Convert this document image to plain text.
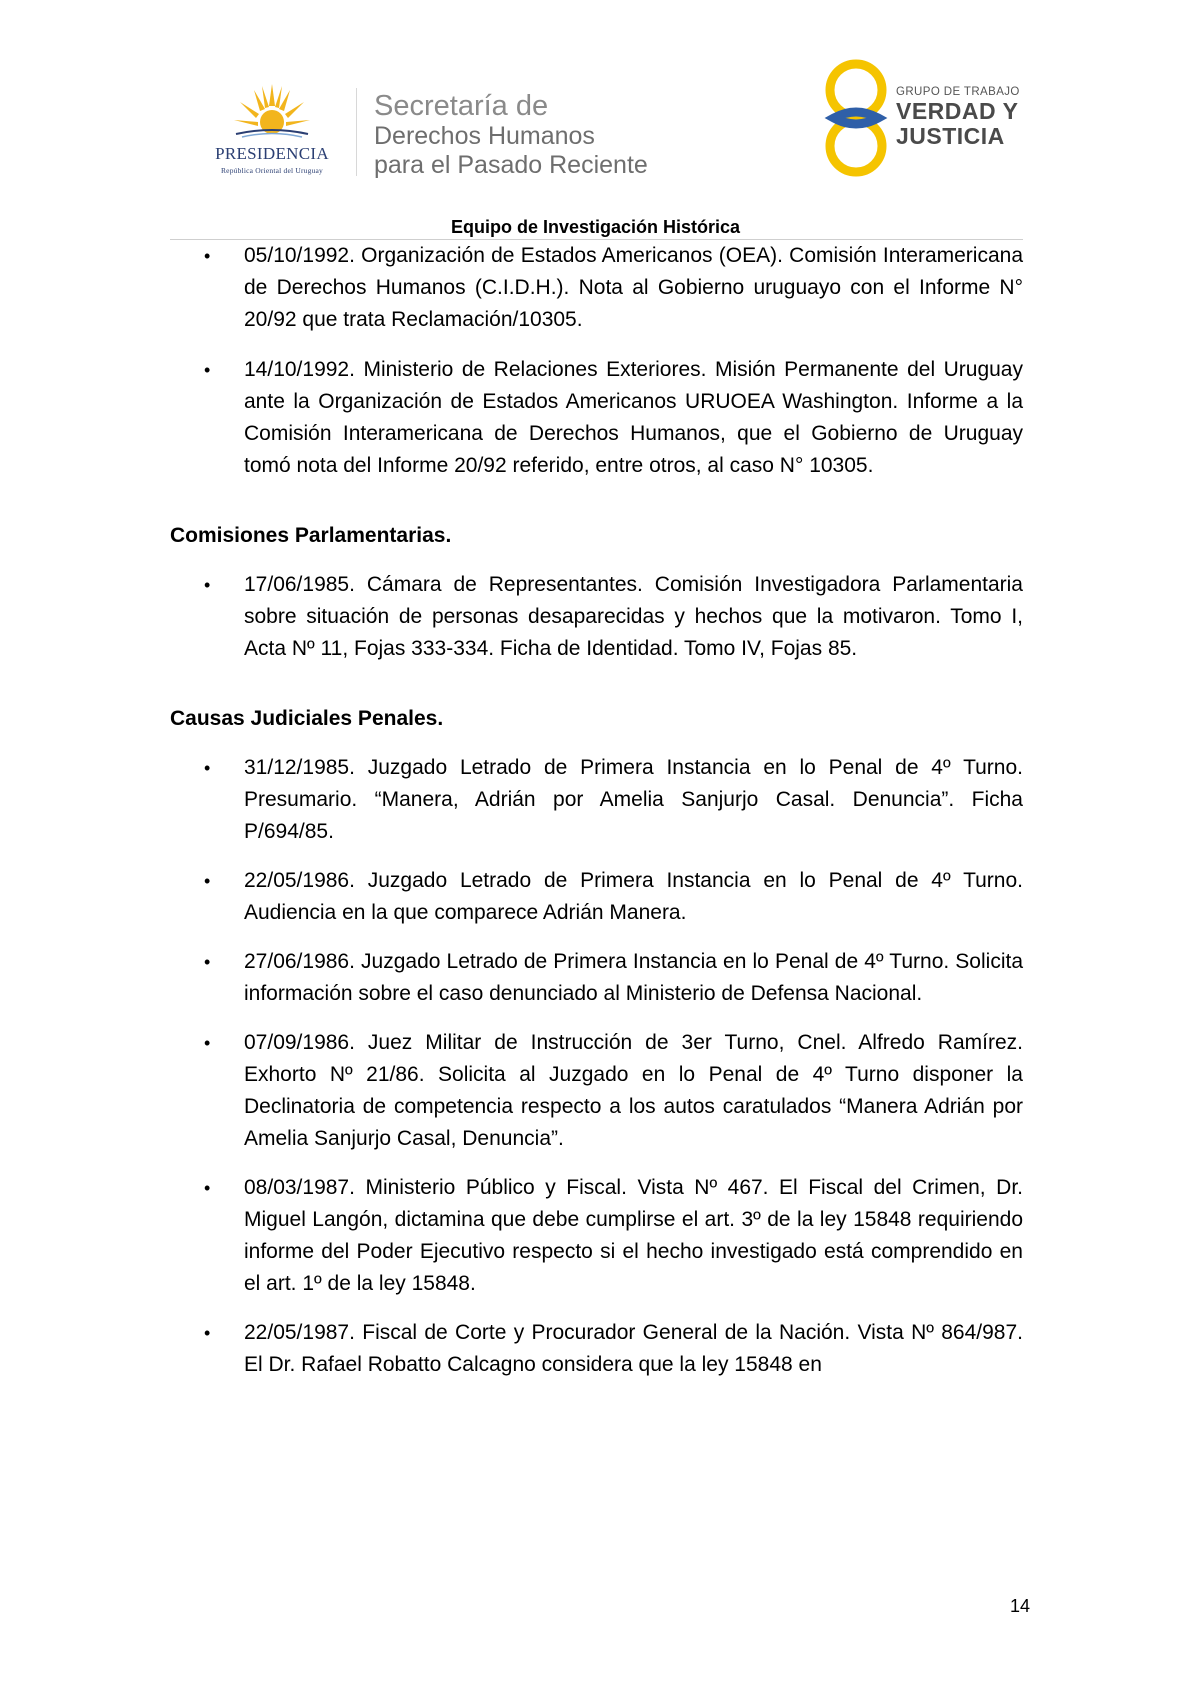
PRESIDENCIA
República Oriental del Uruguay
Secretaría de
Derechos Humanos
para el Pasado Reciente
GRUPO DE TRABAJO
VERDAD Y
JUSTICIA
Equipo de Investigación Histórica
• 05/10/1992. Organización de Estados Americanos (OEA). Comisión Interamericana de Derechos Humanos (C.I.D.H.). Nota al Gobierno uruguayo con el Informe N° 20/92 que trata Reclamación/10305.
• 14/10/1992. Ministerio de Relaciones Exteriores. Misión Permanente del Uruguay ante la Organización de Estados Americanos URUOEA Washington. Informe a la Comisión Interamericana de Derechos Humanos, que el Gobierno de Uruguay tomó nota del Informe 20/92 referido, entre otros, al caso N° 10305.
Comisiones Parlamentarias.
• 17/06/1985. Cámara de Representantes. Comisión Investigadora Parlamentaria sobre situación de personas desaparecidas y hechos que la motivaron. Tomo I, Acta Nº 11, Fojas 333-334. Ficha de Identidad. Tomo IV, Fojas 85.
Causas Judiciales Penales.
• 31/12/1985. Juzgado Letrado de Primera Instancia en lo Penal de 4º Turno. Presumario. “Manera, Adrián por Amelia Sanjurjo Casal. Denuncia”. Ficha P/694/85.
• 22/05/1986. Juzgado Letrado de Primera Instancia en lo Penal de 4º Turno. Audiencia en la que comparece Adrián Manera.
• 27/06/1986. Juzgado Letrado de Primera Instancia en lo Penal de 4º Turno. Solicita información sobre el caso denunciado al Ministerio de Defensa Nacional.
• 07/09/1986. Juez Militar de Instrucción de 3er Turno, Cnel. Alfredo Ramírez. Exhorto Nº 21/86. Solicita al Juzgado en lo Penal de 4º Turno disponer la Declinatoria de competencia respecto a los autos caratulados “Manera Adrián por Amelia Sanjurjo Casal, Denuncia”.
• 08/03/1987. Ministerio Público y Fiscal. Vista Nº 467. El Fiscal del Crimen, Dr. Miguel Langón, dictamina que debe cumplirse el art. 3º de la ley 15848 requiriendo informe del Poder Ejecutivo respecto si el hecho investigado está comprendido en el art. 1º de la ley 15848.
• 22/05/1987. Fiscal de Corte y Procurador General de la Nación. Vista Nº 864/987. El Dr. Rafael Robatto Calcagno considera que la ley 15848 en
14
